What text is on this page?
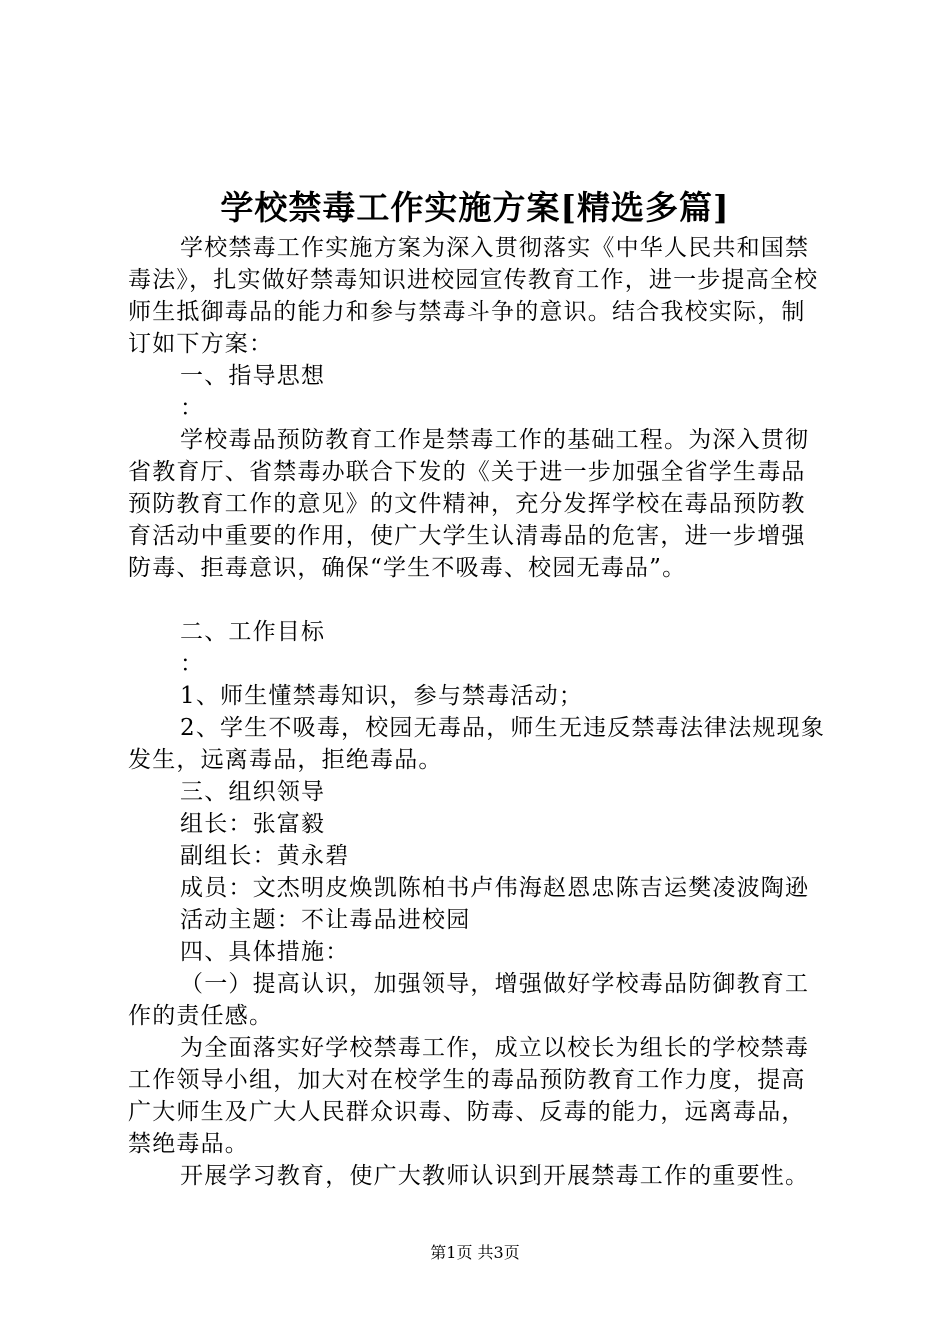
学校禁毒工作实施方案[精选多篇]

学校禁毒工作实施方案为深入贯彻落实《中华人民共和国禁毒法》，扎实做好禁毒知识进校园宣传教育工作，进一步提高全校师生抵御毒品的能力和参与禁毒斗争的意识。结合我校实际，制订如下方案：

一、指导思想

：

学校毒品预防教育工作是禁毒工作的基础工程。为深入贯彻省教育厅、省禁毒办联合下发的《关于进一步加强全省学生毒品预防教育工作的意见》的文件精神，充分发挥学校在毒品预防教育活动中重要的作用，使广大学生认清毒品的危害，进一步增强防毒、拒毒意识，确保“学生不吸毒、校园无毒品”。

二、工作目标

：

1、师生懂禁毒知识，参与禁毒活动；

2、学生不吸毒，校园无毒品，师生无违反禁毒法律法规现象发生，远离毒品，拒绝毒品。

三、组织领导

组长：张富毅

副组长：黄永碧

成员：文杰明皮焕凯陈柏书卢伟海赵恩忠陈吉运樊凌波陶逊

活动主题：不让毒品进校园

四、具体措施：

（一）提高认识，加强领导，增强做好学校毒品防御教育工作的责任感。

为全面落实好学校禁毒工作，成立以校长为组长的学校禁毒工作领导小组，加大对在校学生的毒品预防教育工作力度，提高广大师生及广大人民群众识毒、防毒、反毒的能力，远离毒品，禁绝毒品。

开展学习教育，使广大教师认识到开展禁毒工作的重要性。

第1页 共3页
